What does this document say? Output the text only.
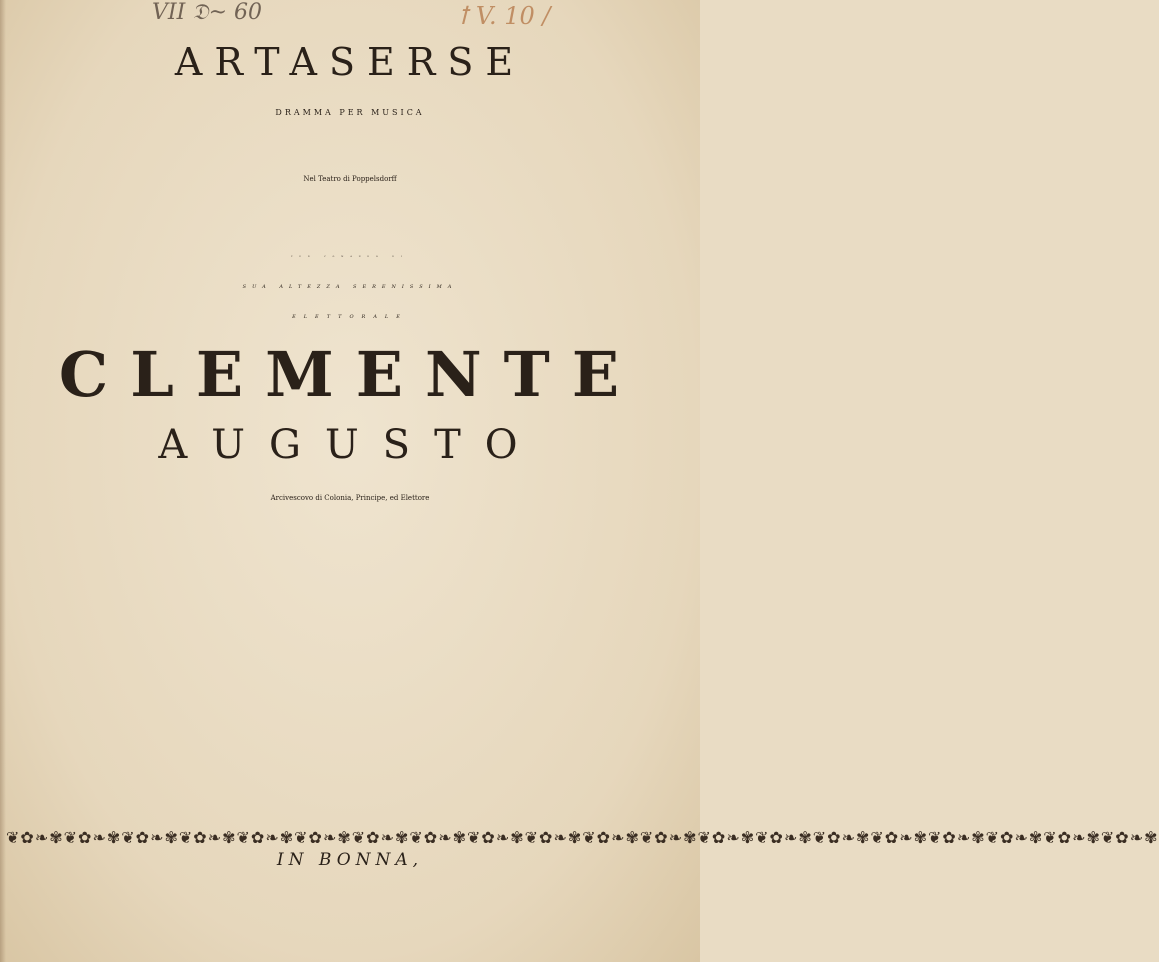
VII 𝔇~ 60	ꝉ V. 10 /
ARTASERSE
DRAMMA PER MUSICA
Nel Teatro di Poppelsdorff
PER COMANDO DI
SUA ALTEZZA SERENISSIMA
ELETTORALE
CLEMENTE
AUGUSTO
Arcivescovo di Colonia, Principe, ed Elettore
❦✿❧✾❦✿❧✾❦✿❧✾❦✿❧✾❦✿❧✾❦✿❧✾❦✿❧✾❦✿❧✾❦✿❧✾❦✿❧✾❦✿❧✾❦✿❧✾❦✿❧✾❦✿❧✾❦✿❧✾❦✿❧✾❦✿❧✾❦✿❧✾❦✿❧✾❦✿❧✾
IN BONNA,
